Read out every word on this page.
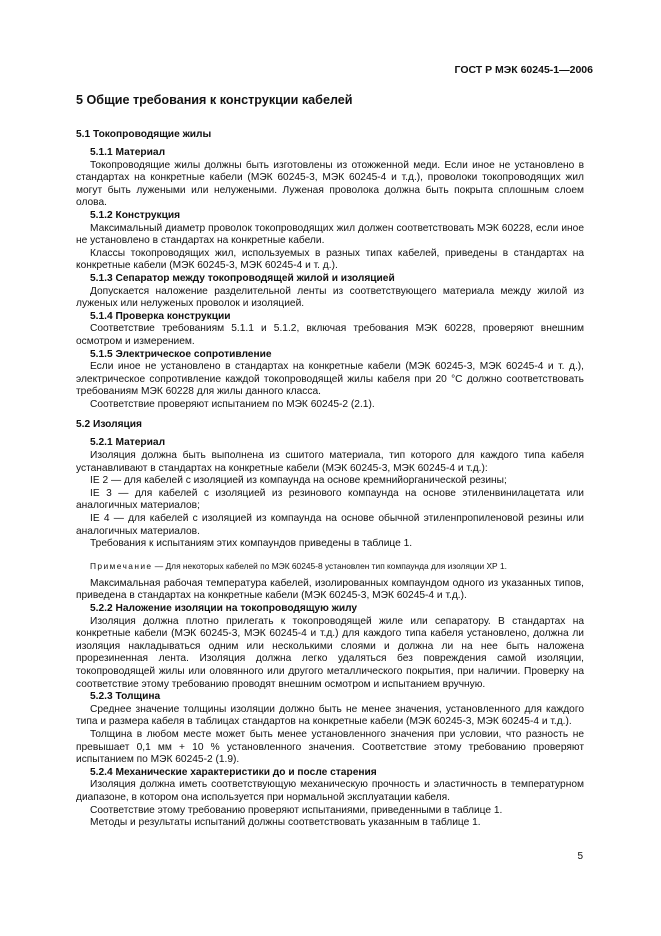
ГОСТ Р МЭК 60245-1—2006
5 Общие требования к конструкции кабелей
5.1 Токопроводящие жилы
5.1.1 Материал
Токопроводящие жилы должны быть изготовлены из отожженной меди. Если иное не установлено в стандартах на конкретные кабели (МЭК 60245-3, МЭК 60245-4 и т.д.), проволоки токопроводящих жил могут быть лужеными или нелужеными. Луженая проволока должна быть покрыта сплошным слоем олова.
5.1.2 Конструкция
Максимальный диаметр проволок токопроводящих жил должен соответствовать МЭК 60228, если иное не установлено в стандартах на конкретные кабели.
Классы токопроводящих жил, используемых в разных типах кабелей, приведены в стандартах на конкретные кабели (МЭК 60245-3, МЭК 60245-4 и т. д.).
5.1.3 Сепаратор между токопроводящей жилой и изоляцией
Допускается наложение разделительной ленты из соответствующего материала между жилой из луженых или нелуженых проволок и изоляцией.
5.1.4 Проверка конструкции
Соответствие требованиям 5.1.1 и 5.1.2, включая требования МЭК 60228, проверяют внешним осмотром и измерением.
5.1.5 Электрическое сопротивление
Если иное не установлено в стандартах на конкретные кабели (МЭК 60245-3, МЭК 60245-4 и т. д.), электрическое сопротивление каждой токопроводящей жилы кабеля при 20 °С должно соответствовать требованиям МЭК 60228 для жилы данного класса.
Соответствие проверяют испытанием по МЭК 60245-2 (2.1).
5.2 Изоляция
5.2.1 Материал
Изоляция должна быть выполнена из сшитого материала, тип которого для каждого типа кабеля устанавливают в стандартах на конкретные кабели (МЭК 60245-3, МЭК 60245-4 и т.д.):
IE 2 — для кабелей с изоляцией из компаунда на основе кремнийорганической резины;
IE 3 — для кабелей с изоляцией из резинового компаунда на основе этиленвинилацетата или аналогичных материалов;
IE 4 — для кабелей с изоляцией из компаунда на основе обычной этиленпропиленовой резины или аналогичных материалов.
Требования к испытаниям этих компаундов приведены в таблице 1.
Примечание — Для некоторых кабелей по МЭК 60245-8 установлен тип компаунда для изоляции ХР 1.
Максимальная рабочая температура кабелей, изолированных компаундом одного из указанных типов, приведена в стандартах на конкретные кабели (МЭК 60245-3, МЭК 60245-4 и т.д.).
5.2.2 Наложение изоляции на токопроводящую жилу
Изоляция должна плотно прилегать к токопроводящей жиле или сепаратору. В стандартах на конкретные кабели (МЭК 60245-3, МЭК 60245-4 и т.д.) для каждого типа кабеля установлено, должна ли изоляция накладываться одним или несколькими слоями и должна ли на нее быть наложена прорезиненная лента. Изоляция должна легко удаляться без повреждения самой изоляции, токопроводящей жилы или оловянного или другого металлического покрытия, при наличии. Проверку на соответствие этому требованию проводят внешним осмотром и испытанием вручную.
5.2.3 Толщина
Среднее значение толщины изоляции должно быть не менее значения, установленного для каждого типа и размера кабеля в таблицах стандартов на конкретные кабели (МЭК 60245-3, МЭК 60245-4 и т.д.).
Толщина в любом месте может быть менее установленного значения при условии, что разность не превышает 0,1 мм + 10 % установленного значения. Соответствие этому требованию проверяют испытанием по МЭК 60245-2 (1.9).
5.2.4 Механические характеристики до и после старения
Изоляция должна иметь соответствующую механическую прочность и эластичность в температурном диапазоне, в котором она используется при нормальной эксплуатации кабеля.
Соответствие этому требованию проверяют испытаниями, приведенными в таблице 1.
Методы и результаты испытаний должны соответствовать указанным в таблице 1.
5
